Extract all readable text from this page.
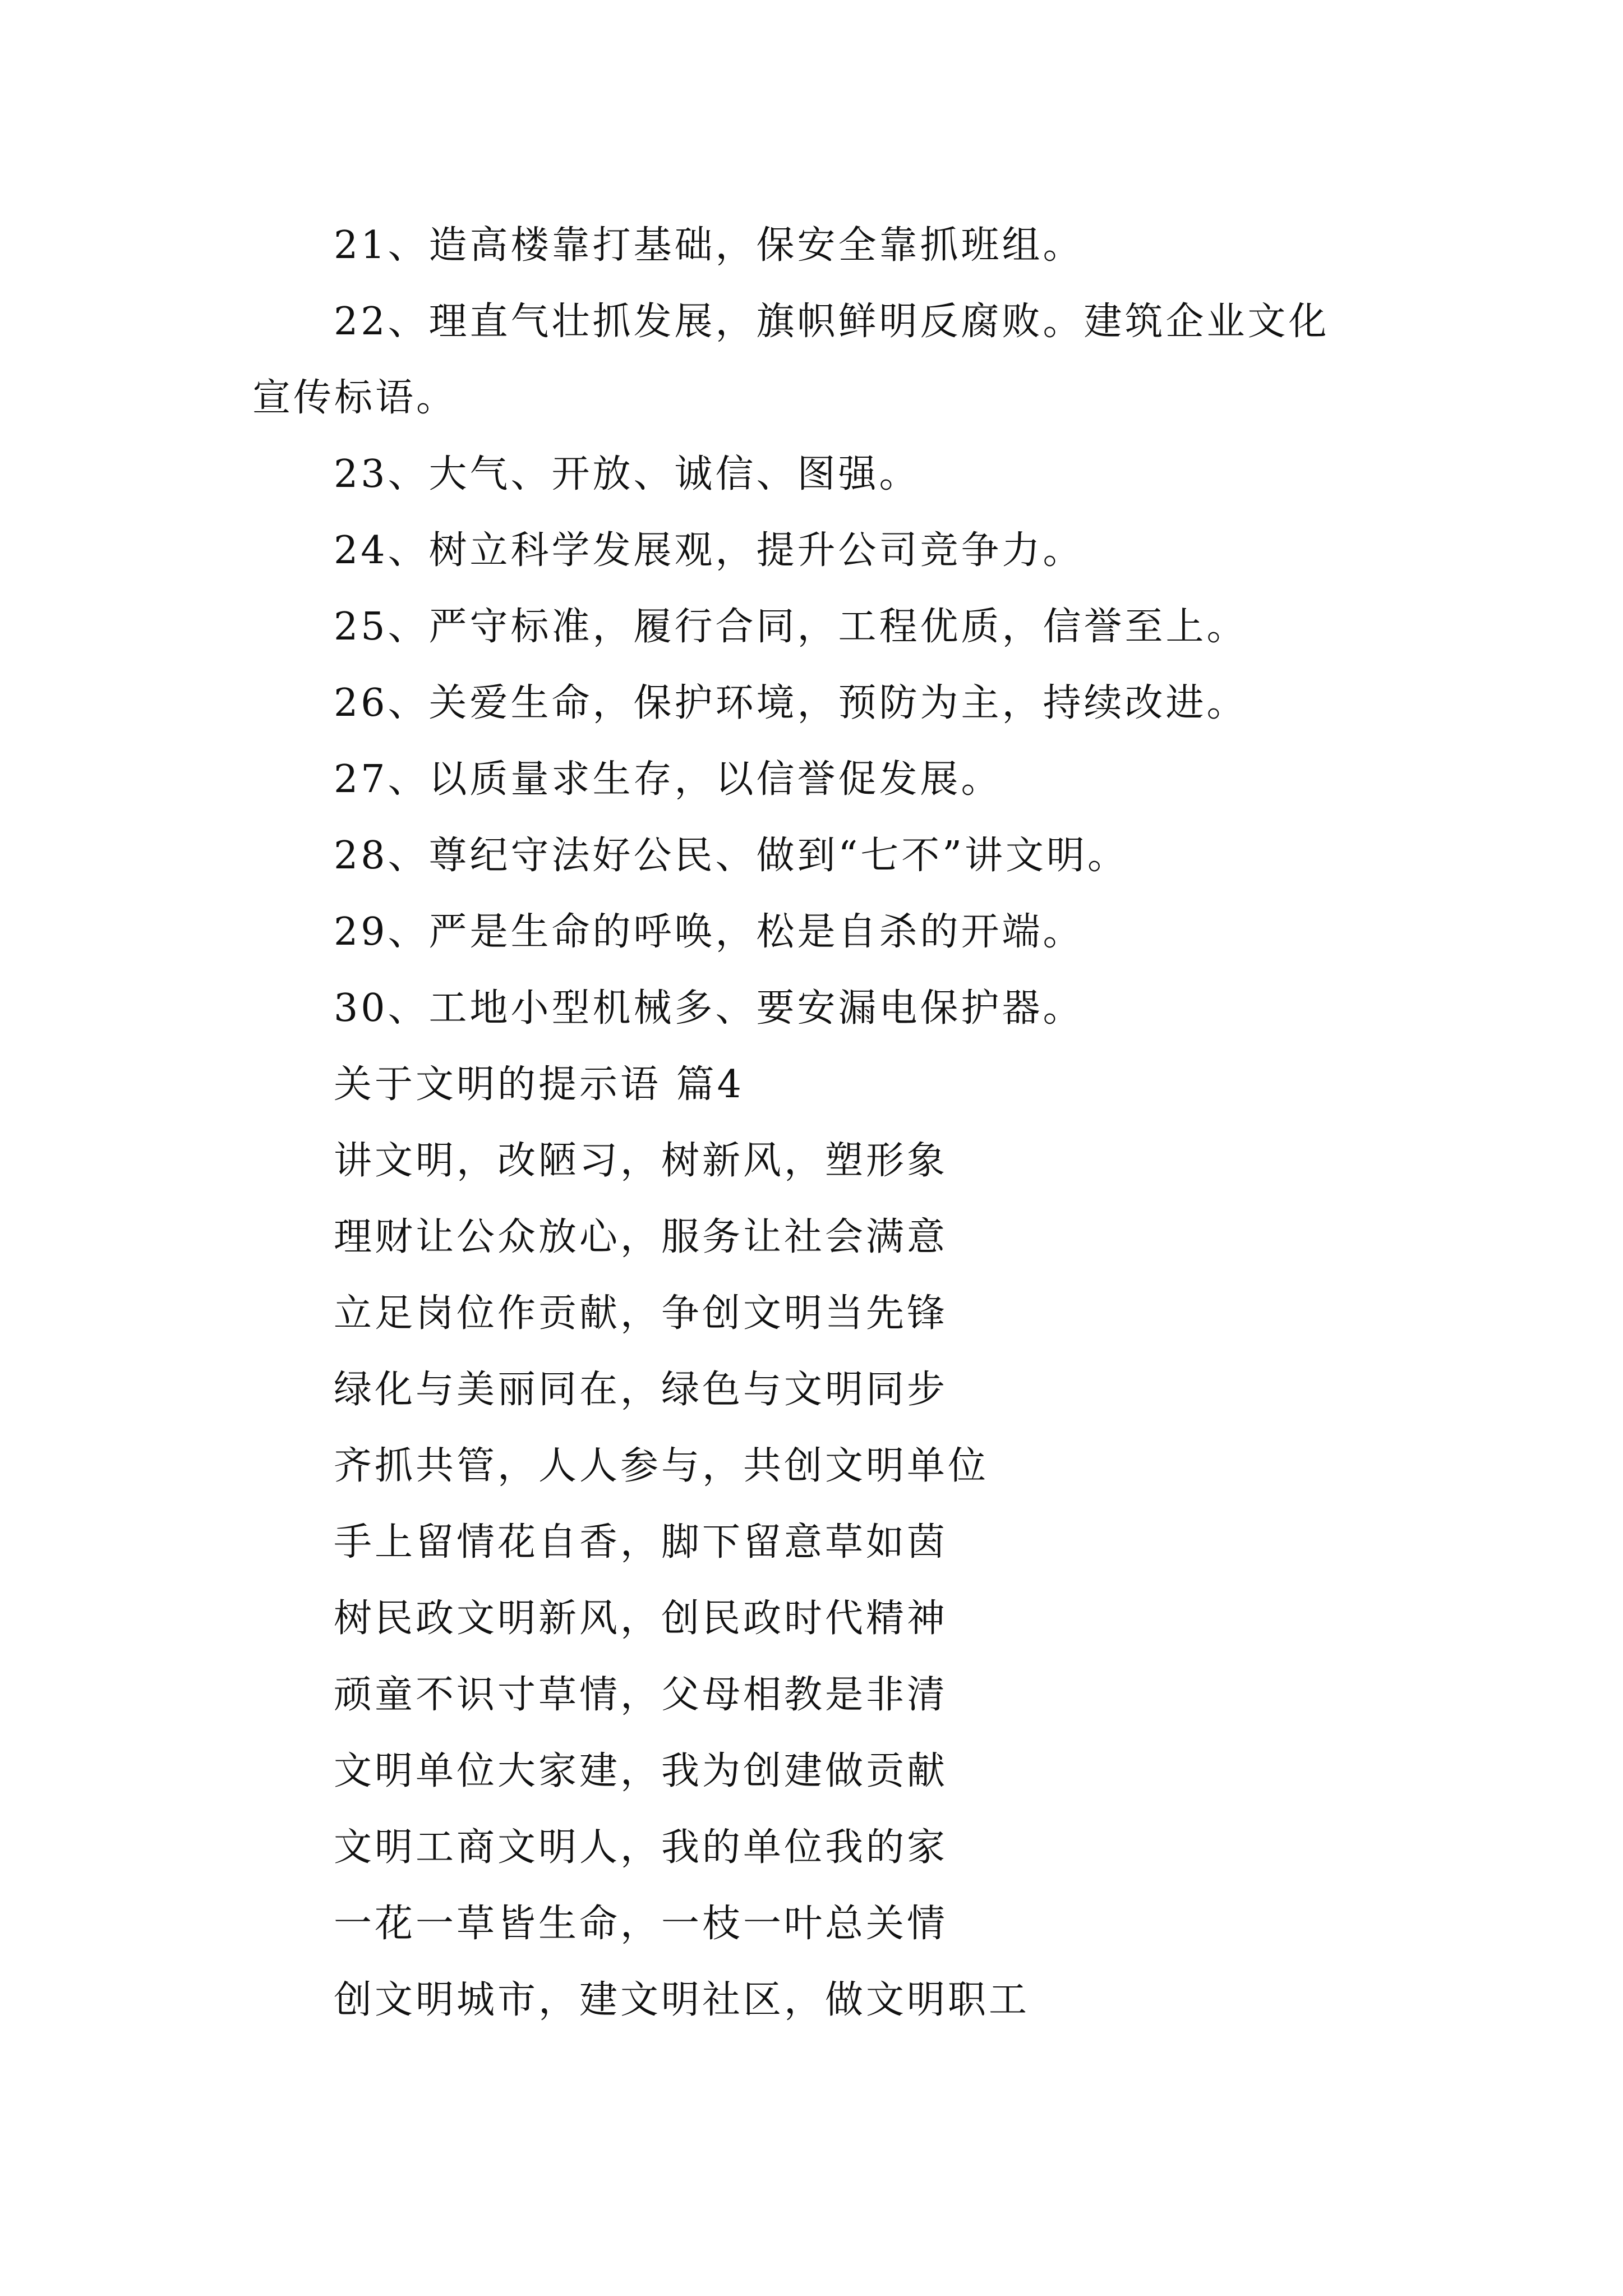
21、造高楼靠打基础，保安全靠抓班组。
22、理直气壮抓发展，旗帜鲜明反腐败。建筑企业文化
宣传标语。
23、大气、开放、诚信、图强。
24、树立科学发展观，提升公司竞争力。
25、严守标准，履行合同，工程优质，信誉至上。
26、关爱生命，保护环境，预防为主，持续改进。
27、以质量求生存，以信誉促发展。
28、尊纪守法好公民、做到“七不”讲文明。
29、严是生命的呼唤，松是自杀的开端。
30、工地小型机械多、要安漏电保护器。
关于文明的提示语 篇4
讲文明，改陋习，树新风，塑形象
理财让公众放心，服务让社会满意
立足岗位作贡献，争创文明当先锋
绿化与美丽同在，绿色与文明同步
齐抓共管，人人参与，共创文明单位
手上留情花自香，脚下留意草如茵
树民政文明新风，创民政时代精神
顽童不识寸草情，父母相教是非清
文明单位大家建，我为创建做贡献
文明工商文明人，我的单位我的家
一花一草皆生命，一枝一叶总关情
创文明城市，建文明社区，做文明职工
